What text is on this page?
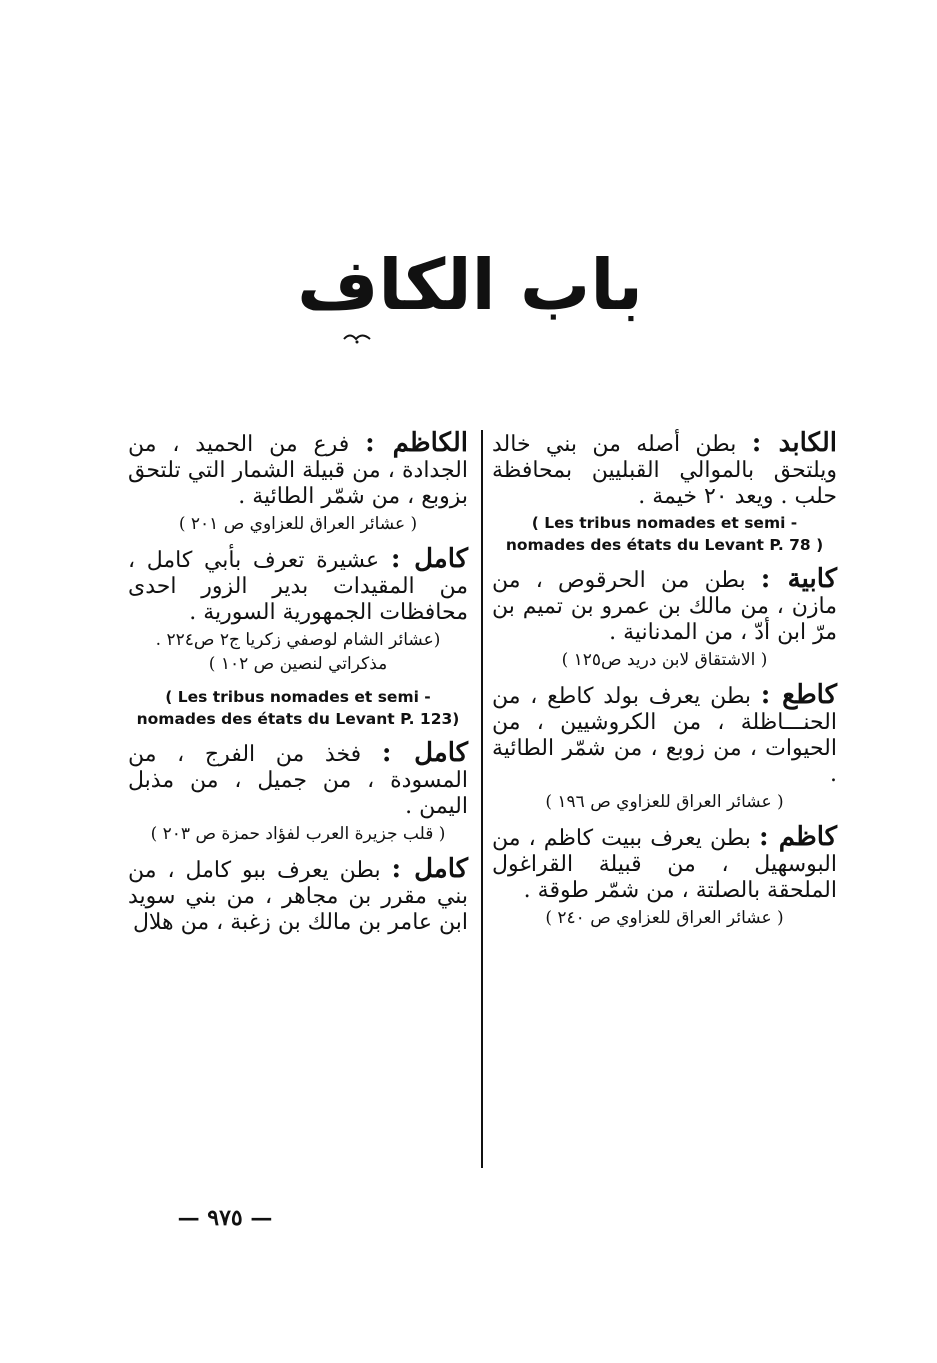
باب الكاف

الكابد : بطن أصله من بني خالد ويلتحق بالموالي القبليين بمحافظة حلب . ويعد ٢٠ خيمة .

( Les tribus nomades et semi - nomades des états du Levant P. 78 )

كابية : بطن من الحرقوص ، من مازن ، من مالك بن عمرو بن تميم بن مرّ ابن أدّ ، من المدنانية .

( الاشتقاق لابن دريد ص١٢٥ )

كاطع : بطن يعرف بولد كاطع ، من الحنـــاظلة ، من الكروشيين ، من الحيوات ، من زوبع ، من شمّر الطائية .

( عشائر العراق للعزاوي ص ١٩٦ )

كاظم : بطن يعرف ببيت كاظم ، من البوسهيل ، من قبيلة القراغول الملحقة بالصلتة ، من شمّر طوقة .

( عشائر العراق للعزاوي ص ٢٤٠ )

الكاظم : فرع من الحميد ، من الجدادة ، من قبيلة الشمار التي تلتحق بزوبع ، من شمّر الطائية .

( عشائر العراق للعزاوي ص ٢٠١ )

كامل : عشيرة تعرف بأبي كامل ، من المقيدات بدير الزور احدى محافظات الجمهورية السورية .

(عشائر الشام لوصفي زكريا ج٢ ص٢٢٤ . مذكراتي لنصين ص ١٠٢ )
( Les tribus nomades et semi - nomades des états du Levant P. 123)

كامل : فخذ من الفرج ، من المسودة ، من جميل ، من مذبل اليمن .

( قلب جزيرة العرب لفؤاد حمزة ص ٢٠٣ )

كامل : بطن يعرف ببو كامل ، من بني مقرر بن مجاهر ، من بني سويد ابن عامر بن مالك بن زغبة ، من هلال

— ٩٧٥ —
